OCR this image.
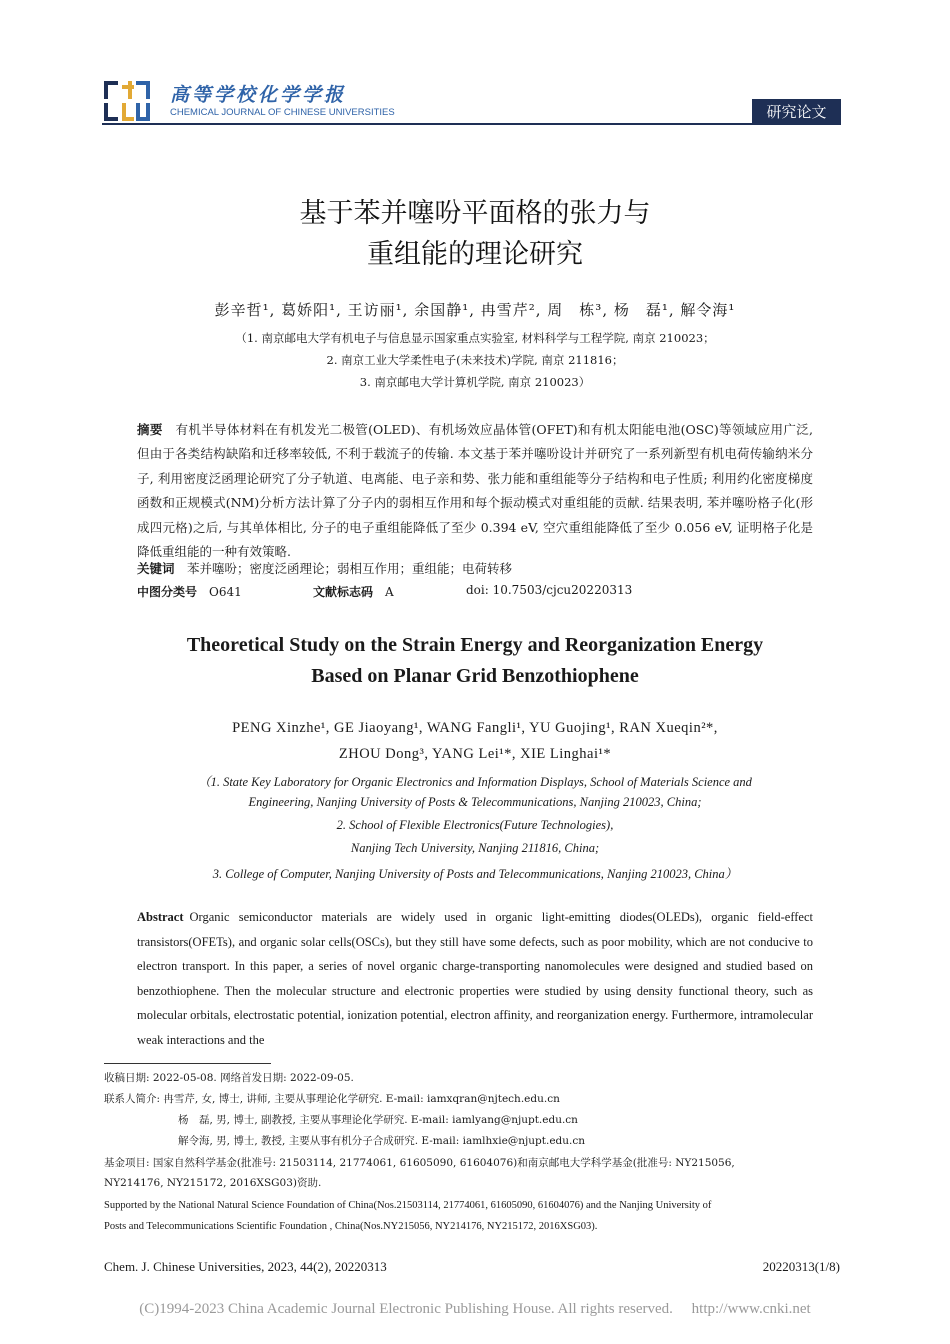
高等学校化学学报
CHEMICAL JOURNAL OF CHINESE UNIVERSITIES	研究论文
基于苯并噻吩平面格的张力与
重组能的理论研究
彭辛哲¹, 葛娇阳¹, 王访丽¹, 余国静¹, 冉雪芹², 周　栋³, 杨　磊¹, 解令海¹
（1. 南京邮电大学有机电子与信息显示国家重点实验室, 材料科学与工程学院, 南京 210023；
2. 南京工业大学柔性电子(未来技术)学院, 南京 211816；
3. 南京邮电大学计算机学院, 南京 210023）
摘要　 有机半导体材料在有机发光二极管(OLED)、有机场效应晶体管(OFET)和有机太阳能电池(OSC)等领域应用广泛, 但由于各类结构缺陷和迁移率较低, 不利于载流子的传输. 本文基于苯并噻吩设计并研究了一系列新型有机电荷传输纳米分子, 利用密度泛函理论研究了分子轨道、电离能、电子亲和势、张力能和重组能等分子结构和电子性质; 利用约化密度梯度函数和正规模式(NM)分析方法计算了分子内的弱相互作用和每个振动模式对重组能的贡献. 结果表明, 苯并噻吩格子化(形成四元格)之后, 与其单体相比, 分子的电子重组能降低了至少 0.394 eV, 空穴重组能降低了至少 0.056 eV, 证明格子化是降低重组能的一种有效策略.
关键词　 苯并噻吩；密度泛函理论；弱相互作用；重组能；电荷转移
中图分类号　 O641	文献标志码　 A	doi: 10.7503/cjcu20220313
Theoretical Study on the Strain Energy and Reorganization Energy
Based on Planar Grid Benzothiophene
PENG Xinzhe¹, GE Jiaoyang¹, WANG Fangli¹, YU Guojing¹, RAN Xueqin²*,
ZHOU Dong³, YANG Lei¹*, XIE Linghai¹*
（1. State Key Laboratory for Organic Electronics and Information Displays, School of Materials Science and
Engineering, Nanjing University of Posts & Telecommunications, Nanjing 210023, China;
2. School of Flexible Electronics(Future Technologies),
Nanjing Tech University, Nanjing 211816, China;
3. College of Computer, Nanjing University of Posts and Telecommunications, Nanjing 210023, China）
Abstract Organic semiconductor materials are widely used in organic light-emitting diodes(OLEDs), organic field-effect transistors(OFETs), and organic solar cells(OSCs), but they still have some defects, such as poor mobility, which are not conducive to electron transport. In this paper, a series of novel organic charge-transporting nanomolecules were designed and studied based on benzothiophene. Then the molecular structure and electronic properties were studied by using density functional theory, such as molecular orbitals, electrostatic potential, ionization potential, electron affinity, and reorganization energy. Furthermore, intramolecular weak interactions and the
收稿日期: 2022-05-08. 网络首发日期: 2022-09-05.
联系人简介: 冉雪芹, 女, 博士, 讲师, 主要从事理论化学研究. E-mail: iamxqran@njtech.edu.cn
杨　磊, 男, 博士, 副教授, 主要从事理论化学研究. E-mail: iamlyang@njupt.edu.cn
解令海, 男, 博士, 教授, 主要从事有机分子合成研究. E-mail: iamlhxie@njupt.edu.cn
基金项目: 国家自然科学基金(批准号: 21503114, 21774061, 61605090, 61604076)和南京邮电大学科学基金(批准号: NY215056,
NY214176, NY215172, 2016XSG03)资助.
Supported by the National Natural Science Foundation of China(Nos.21503114, 21774061, 61605090, 61604076) and the Nanjing University of
Posts and Telecommunications Scientific Foundation , China(Nos.NY215056, NY214176, NY215172, 2016XSG03).
Chem. J. Chinese Universities, 2023, 44(2), 20220313	20220313(1/8)
(C)1994-2023 China Academic Journal Electronic Publishing House. All rights reserved.　 http://www.cnki.net
